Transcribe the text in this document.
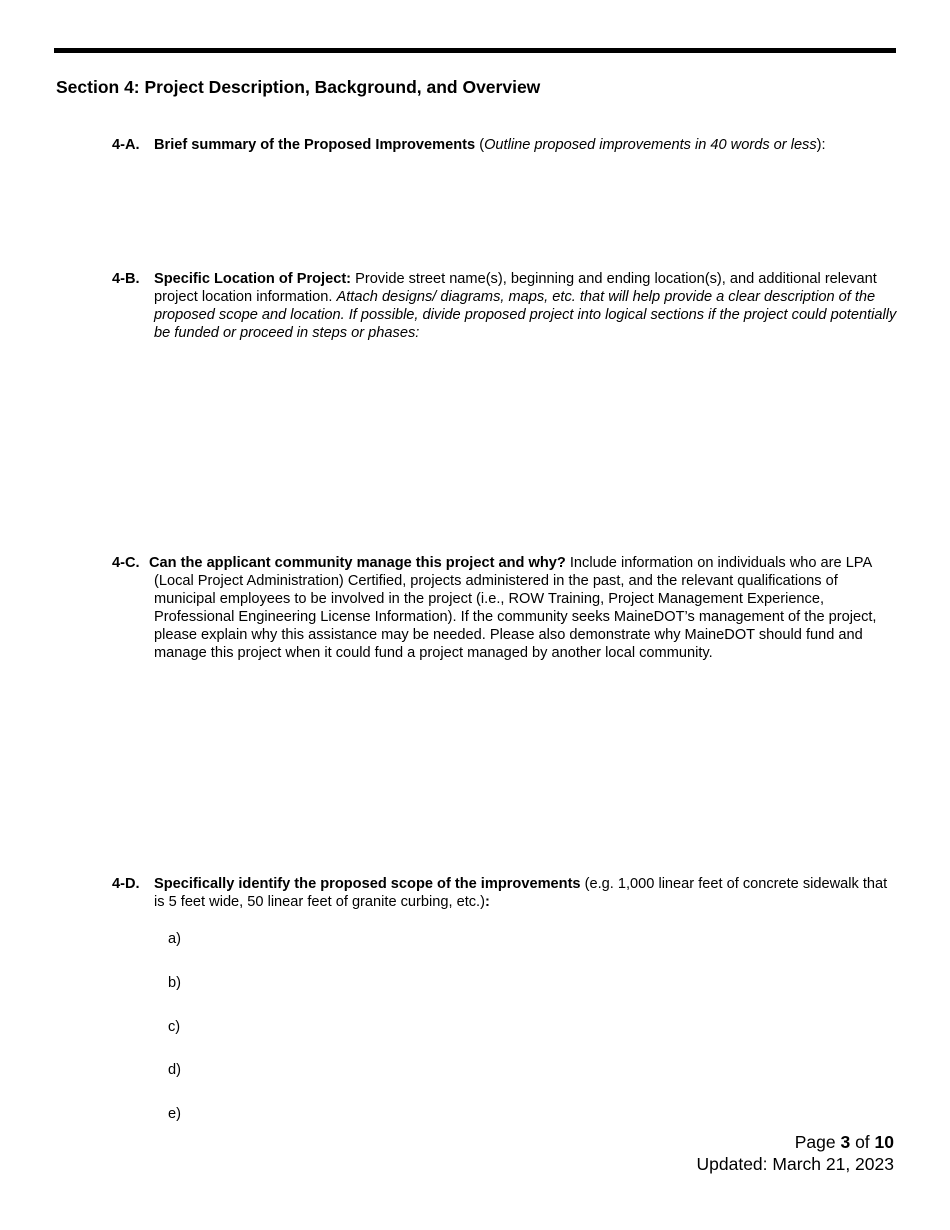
Section 4: Project Description, Background, and Overview
4-A. Brief summary of the Proposed Improvements (Outline proposed improvements in 40 words or less):
4-B. Specific Location of Project: Provide street name(s), beginning and ending location(s), and additional relevant project location information. Attach designs/ diagrams, maps, etc. that will help provide a clear description of the proposed scope and location. If possible, divide proposed project into logical sections if the project could potentially be funded or proceed in steps or phases:
4-C. Can the applicant community manage this project and why? Include information on individuals who are LPA (Local Project Administration) Certified, projects administered in the past, and the relevant qualifications of municipal employees to be involved in the project (i.e., ROW Training, Project Management Experience, Professional Engineering License Information). If the community seeks MaineDOT’s management of the project, please explain why this assistance may be needed. Please also demonstrate why MaineDOT should fund and manage this project when it could fund a project managed by another local community.
4-D. Specifically identify the proposed scope of the improvements (e.g. 1,000 linear feet of concrete sidewalk that is 5 feet wide, 50 linear feet of granite curbing, etc.):
a)
b)
c)
d)
e)
Page 3 of 10
Updated: March 21, 2023
